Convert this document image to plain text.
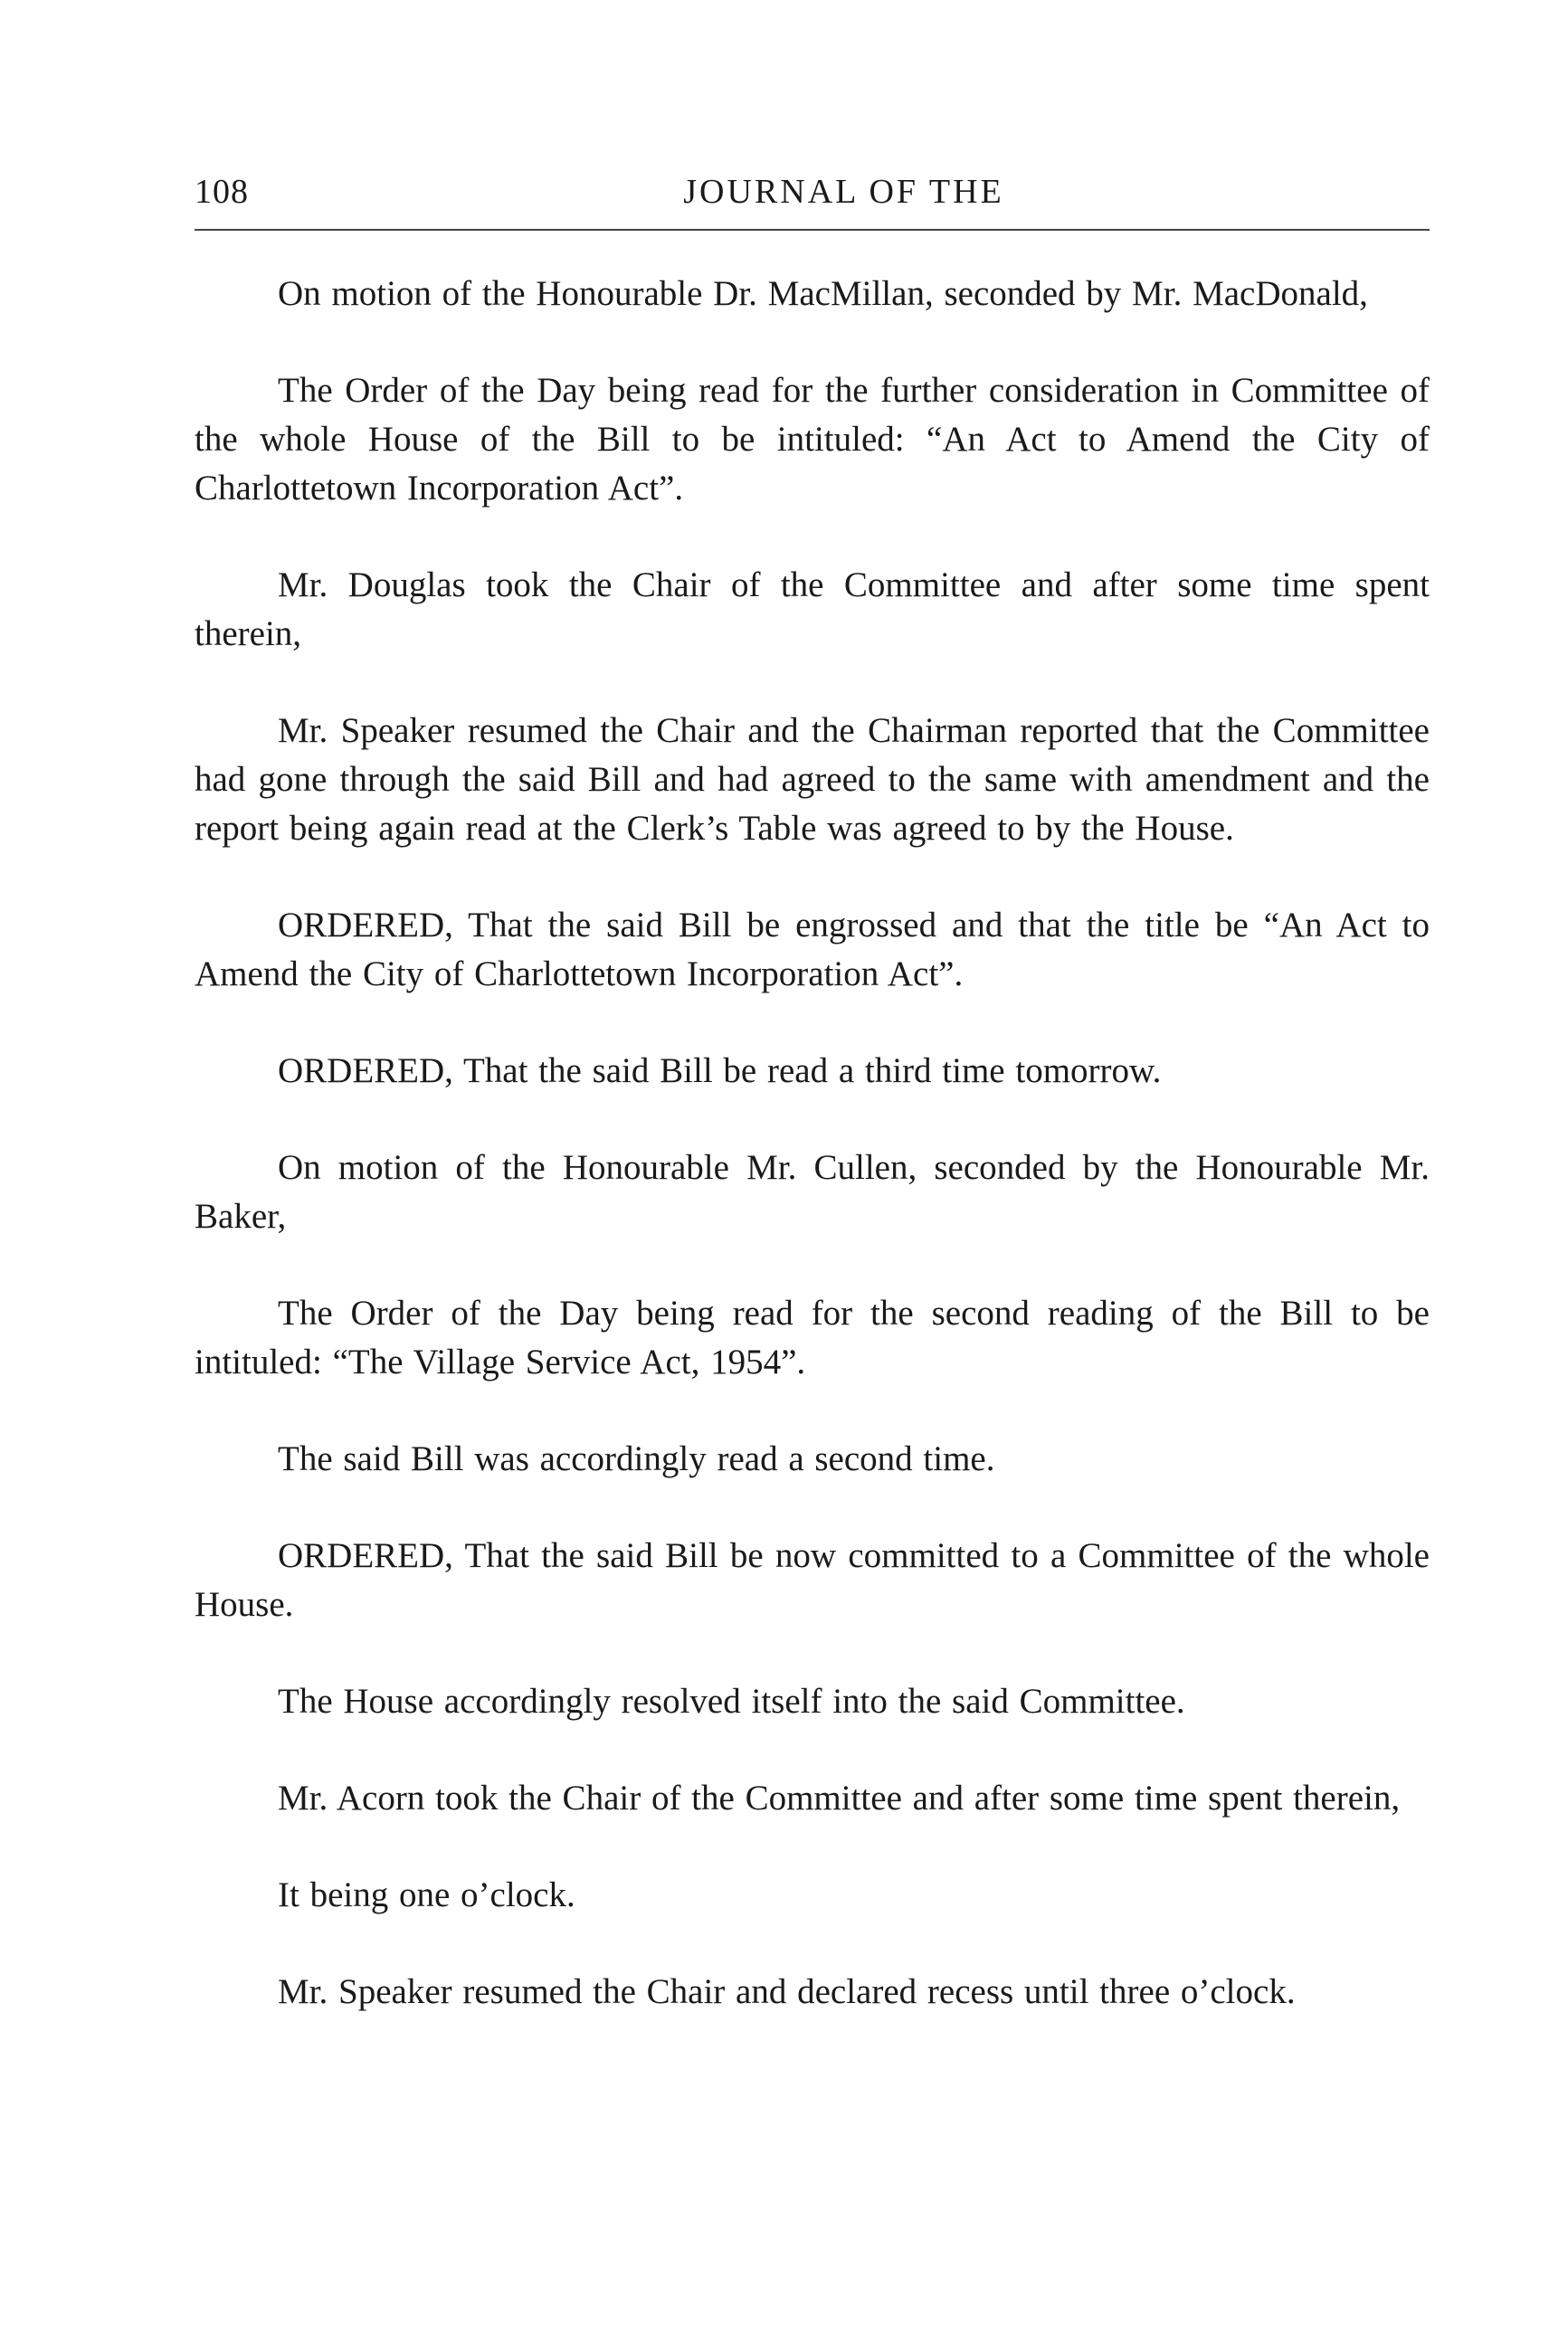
108	JOURNAL OF THE

On motion of the Honourable Dr. MacMillan, seconded by Mr. MacDonald,

The Order of the Day being read for the further consideration in Committee of the whole House of the Bill to be intituled: “An Act to Amend the City of Charlottetown Incorporation Act”.

Mr. Douglas took the Chair of the Committee and after some time spent therein,

Mr. Speaker resumed the Chair and the Chairman reported that the Committee had gone through the said Bill and had agreed to the same with amendment and the report being again read at the Clerk’s Table was agreed to by the House.

ORDERED, That the said Bill be engrossed and that the title be “An Act to Amend the City of Charlottetown Incorporation Act”.

ORDERED, That the said Bill be read a third time tomorrow.

On motion of the Honourable Mr. Cullen, seconded by the Honourable Mr. Baker,

The Order of the Day being read for the second reading of the Bill to be intituled: “The Village Service Act, 1954”.

The said Bill was accordingly read a second time.

ORDERED, That the said Bill be now committed to a Committee of the whole House.

The House accordingly resolved itself into the said Committee.

Mr. Acorn took the Chair of the Committee and after some time spent therein,

It being one o’clock.

Mr. Speaker resumed the Chair and declared recess until three o’clock.
